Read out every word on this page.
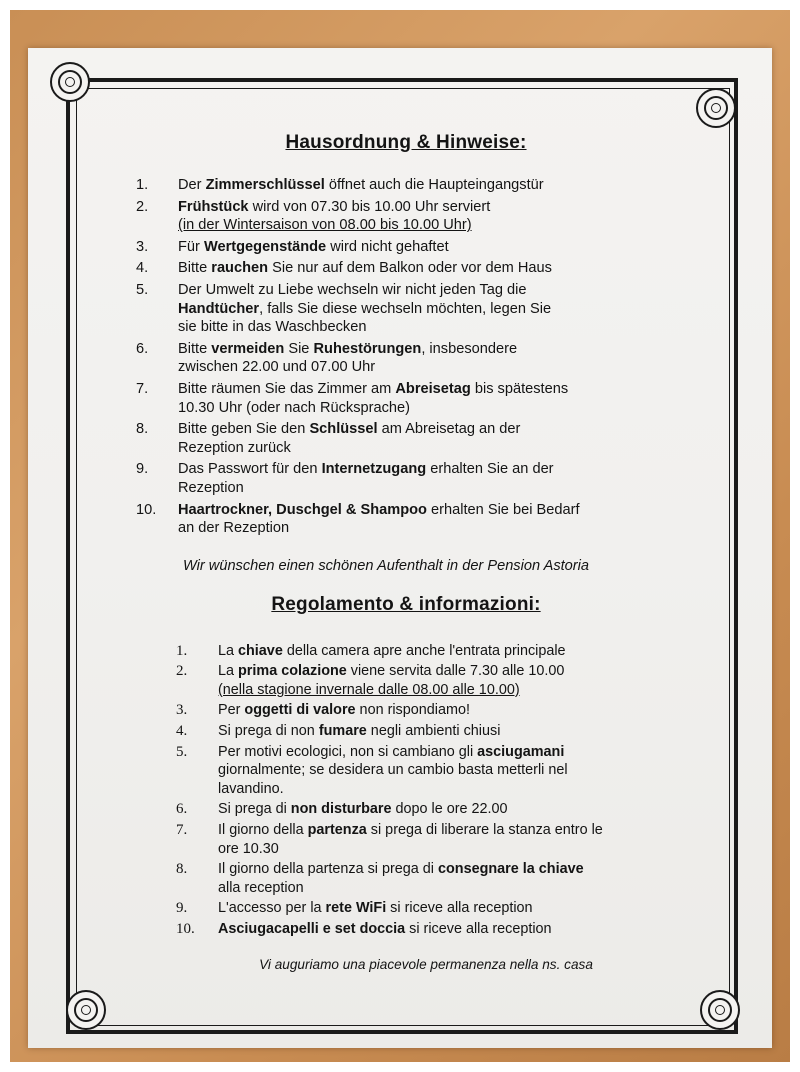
Hausordnung & Hinweise:
1.	Der Zimmerschlüssel öffnet auch die Haupteingangstür
2.	Frühstück wird von 07.30 bis 10.00 Uhr serviert
(in der Wintersaison von 08.00 bis 10.00 Uhr)
3.	Für Wertgegenstände wird nicht gehaftet
4.	Bitte rauchen Sie nur auf dem Balkon oder vor dem Haus
5.	Der Umwelt zu Liebe wechseln wir nicht jeden Tag die
Handtücher, falls Sie diese wechseln möchten, legen Sie
sie bitte in das Waschbecken
6.	Bitte vermeiden Sie Ruhestörungen, insbesondere
zwischen 22.00 und 07.00 Uhr
7.	Bitte räumen Sie das Zimmer am Abreisetag bis spätestens
10.30 Uhr (oder nach Rücksprache)
8.	Bitte geben Sie den Schlüssel am Abreisetag an der
Rezeption zurück
9.	Das Passwort für den Internetzugang erhalten Sie an der
Rezeption
10.	Haartrockner, Duschgel & Shampoo erhalten Sie bei Bedarf
an der Rezeption

Wir wünschen einen schönen Aufenthalt in der Pension Astoria

Regolamento & informazioni:
1.	La chiave della camera apre anche l'entrata principale
2.	La prima colazione viene servita dalle 7.30 alle 10.00
(nella stagione invernale dalle 08.00 alle 10.00)
3.	Per oggetti di valore non rispondiamo!
4.	Si prega di non fumare negli ambienti chiusi
5.	Per motivi ecologici, non si cambiano gli asciugamani
giornalmente; se desidera un cambio basta metterli nel
lavandino.
6.	Si prega di non disturbare dopo le ore 22.00
7.	Il giorno della partenza si prega di liberare la stanza entro le
ore 10.30
8.	Il giorno della partenza si prega di consegnare la chiave
alla reception
9.	L'accesso per la rete WiFi si riceve alla reception
10.	Asciugacapelli e set doccia si riceve alla reception

Vi auguriamo una piacevole permanenza nella ns. casa
